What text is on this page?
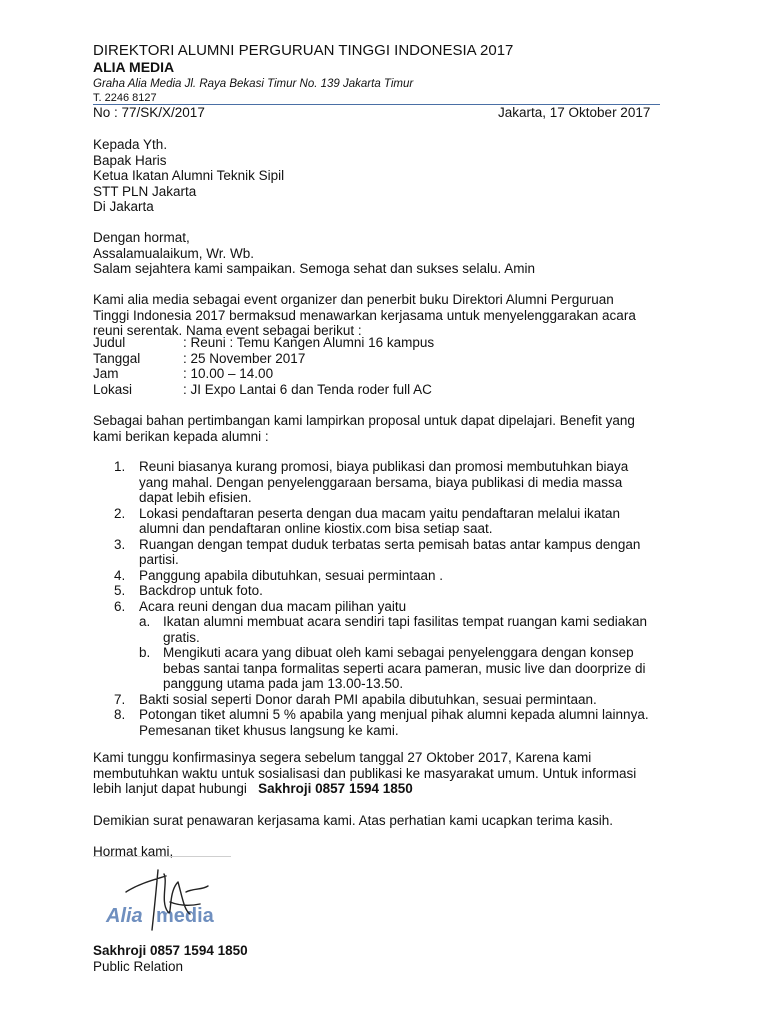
DIREKTORI ALUMNI PERGURUAN TINGGI INDONESIA 2017
ALIA MEDIA
Graha Alia Media Jl. Raya Bekasi Timur No. 139 Jakarta Timur
T. 2246 8127
No : 77/SK/X/2017	Jakarta, 17 Oktober 2017
Kepada Yth.
Bapak Haris
Ketua Ikatan Alumni Teknik Sipil
STT PLN Jakarta
Di Jakarta
Dengan hormat,
Assalamualaikum, Wr. Wb.
Salam sejahtera kami sampaikan. Semoga sehat dan sukses selalu. Amin
Kami alia media sebagai event organizer dan penerbit buku Direktori Alumni Perguruan
Tinggi Indonesia 2017 bermaksud menawarkan kerjasama untuk menyelenggarakan acara
reuni serentak. Nama event sebagai berikut :
Judul	: Reuni : Temu Kangen Alumni 16 kampus
Tanggal	: 25 November 2017
Jam	: 10.00 – 14.00
Lokasi	: JI Expo Lantai 6 dan Tenda roder full AC
Sebagai bahan pertimbangan kami lampirkan proposal untuk dapat dipelajari. Benefit yang
kami berikan kepada alumni :
1. Reuni biasanya kurang promosi, biaya publikasi dan promosi membutuhkan biaya
yang mahal. Dengan penyelenggaraan bersama, biaya publikasi di media massa
dapat lebih efisien.
2. Lokasi pendaftaran peserta dengan dua macam yaitu pendaftaran melalui ikatan
alumni dan pendaftaran online kiostix.com bisa setiap saat.
3. Ruangan dengan tempat duduk terbatas serta pemisah batas antar kampus dengan
partisi.
4. Panggung apabila dibutuhkan, sesuai permintaan .
5. Backdrop untuk foto.
6. Acara reuni dengan dua macam pilihan yaitu
a. Ikatan alumni membuat acara sendiri tapi fasilitas tempat ruangan kami sediakan
gratis.
b. Mengikuti acara yang dibuat oleh kami sebagai penyelenggara dengan konsep
bebas santai tanpa formalitas seperti acara pameran, music live dan doorprize di
panggung utama pada jam 13.00-13.50.
7. Bakti sosial seperti Donor darah PMI apabila dibutuhkan, sesuai permintaan.
8. Potongan tiket alumni 5 % apabila yang menjual pihak alumni kepada alumni lainnya.
Pemesanan tiket khusus langsung ke kami.
Kami tunggu konfirmasinya segera sebelum tanggal 27 Oktober 2017, Karena kami
membutuhkan waktu untuk sosialisasi dan publikasi ke masyarakat umum. Untuk informasi
lebih lanjut dapat hubungi   Sakhroji 0857 1594 1850
Demikian surat penawaran kerjasama kami. Atas perhatian kami ucapkan terima kasih.
Hormat kami,
Alia media
Sakhroji 0857 1594 1850
Public Relation
